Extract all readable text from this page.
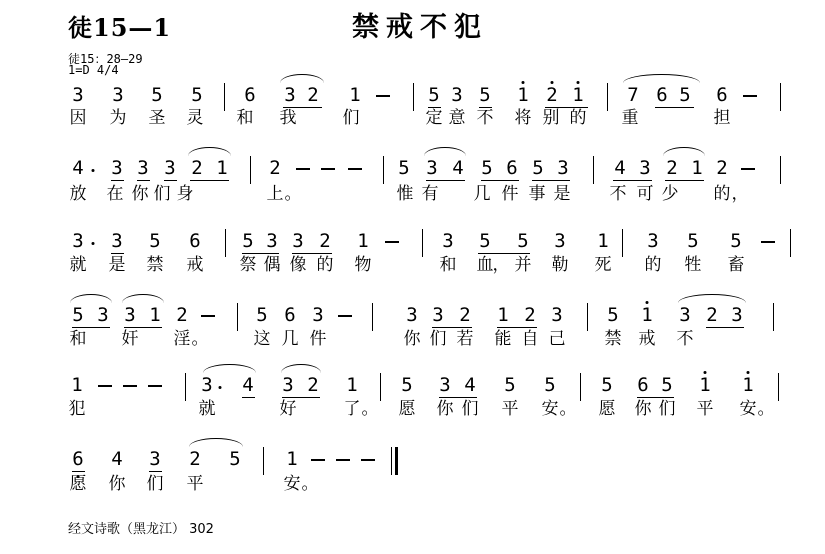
徒15—1	禁戒不犯
徒15：28—29
1=D 4/4
3 3 5 5 6 3 2 1	5 3 5 1 2 1 7 6 5 6
因 为 圣 灵 和 我	们	定 意 不 将 别 的 重	担
4 3 3 3 2 1 2	5 3 4 5 6 5 3 4 3 2 1 2
放 在 你 们 身	上 。	惟 有 几 件 事 是 不 可 少 的 ，
3 3 5 6 5 3 3 2 1	3 5 5 3 1 3 5 5
就 是 禁 戒 祭 偶 像 的 物	和 血 ， 并 勒 死 的 牲 畜
5 3 3 1 2	5 6 3	3 3 2 1 2 3 5 1 3 2 3
和 奸 淫 。	这 几 件	你 们 若 能 自 己 禁 戒 不
1	3 4 3 2 1 5 3 4 5 5 5 6 5 1 1
犯	就	好	了 。 愿 你 们 平 安 。 愿 你 们 平 安 。
6 4 3 2 5 1
愿 你 们 平	安 。
经文诗歌（黑龙江） 302
